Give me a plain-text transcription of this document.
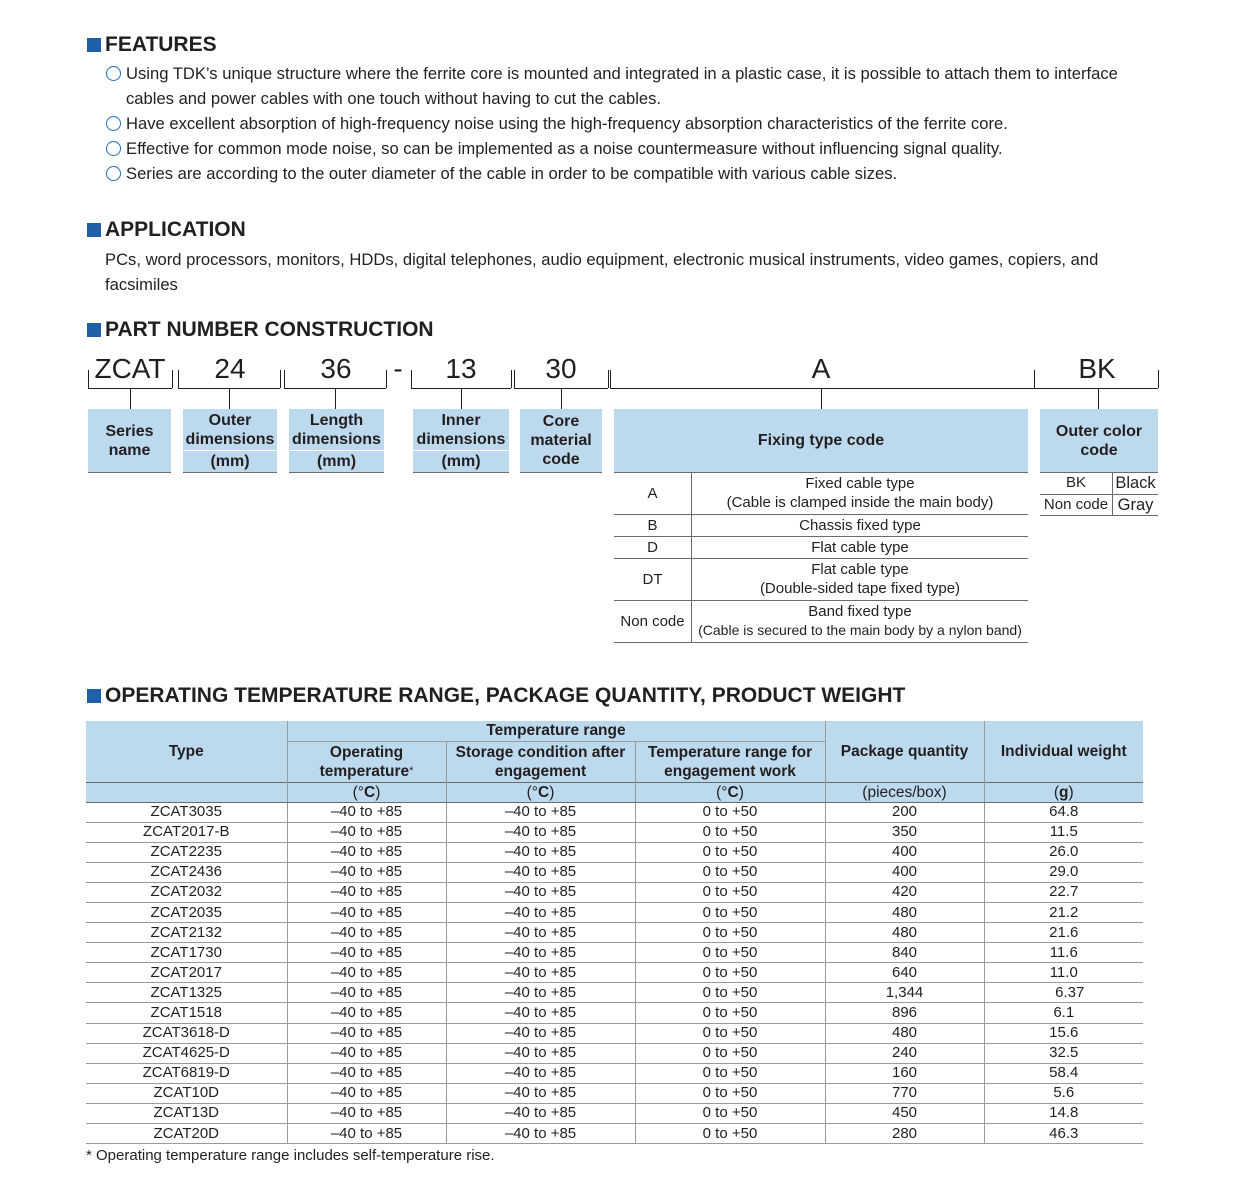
FEATURES
Using TDK’s unique structure where the ferrite core is mounted and integrated in a plastic case, it is possible to attach them to interface cables and power cables with one touch without having to cut the cables.
Have excellent absorption of high-frequency noise using the high-frequency absorption characteristics of the ferrite core.
Effective for common mode noise, so can be implemented as a noise countermeasure without influencing signal quality.
Series are according to the outer diameter of the cable in order to be compatible with various cable sizes.
APPLICATION
PCs, word processors, monitors, HDDs, digital telephones, audio equipment, electronic musical instruments, video games, copiers, and facsimiles
PART NUMBER CONSTRUCTION
ZCAT	24	36	-	13	30	A	BK
Series name
Outer dimensions
(mm)
Length dimensions
(mm)
Inner dimensions
(mm)
Core material code
Fixing type code
Outer color code
A	Fixed cable type
(Cable is clamped inside the main body)

B	Chassis fixed type
D	Flat cable type
DT	Flat cable type
(Double-sided tape fixed type)

Non code	Band fixed type
(Cable is secured to the main body by a nylon band)
BK	Black
Non code	Gray
OPERATING TEMPERATURE RANGE, PACKAGE QUANTITY, PRODUCT WEIGHT
Type	Temperature range			Package quantity	Individual weight
	Operating temperature*	Storage condition after engagement	Temperature range for engagement work		
	(°C)	(°C)	(°C)	(pieces/box)	(g)
ZCAT3035	–40 to +85	–40 to +85	0 to +50	200	64.8
ZCAT2017-B	–40 to +85	–40 to +85	0 to +50	350	11.5
ZCAT2235	–40 to +85	–40 to +85	0 to +50	400	26.0
ZCAT2436	–40 to +85	–40 to +85	0 to +50	400	29.0
ZCAT2032	–40 to +85	–40 to +85	0 to +50	420	22.7
ZCAT2035	–40 to +85	–40 to +85	0 to +50	480	21.2
ZCAT2132	–40 to +85	–40 to +85	0 to +50	480	21.6
ZCAT1730	–40 to +85	–40 to +85	0 to +50	840	11.6
ZCAT2017	–40 to +85	–40 to +85	0 to +50	640	11.0
ZCAT1325	–40 to +85	–40 to +85	0 to +50	1,344	6.37
ZCAT1518	–40 to +85	–40 to +85	0 to +50	896	6.1
ZCAT3618-D	–40 to +85	–40 to +85	0 to +50	480	15.6
ZCAT4625-D	–40 to +85	–40 to +85	0 to +50	240	32.5
ZCAT6819-D	–40 to +85	–40 to +85	0 to +50	160	58.4
ZCAT10D	–40 to +85	–40 to +85	0 to +50	770	5.6
ZCAT13D	–40 to +85	–40 to +85	0 to +50	450	14.8
ZCAT20D	–40 to +85	–40 to +85	0 to +50	280	46.3
* Operating temperature range includes self-temperature rise.
